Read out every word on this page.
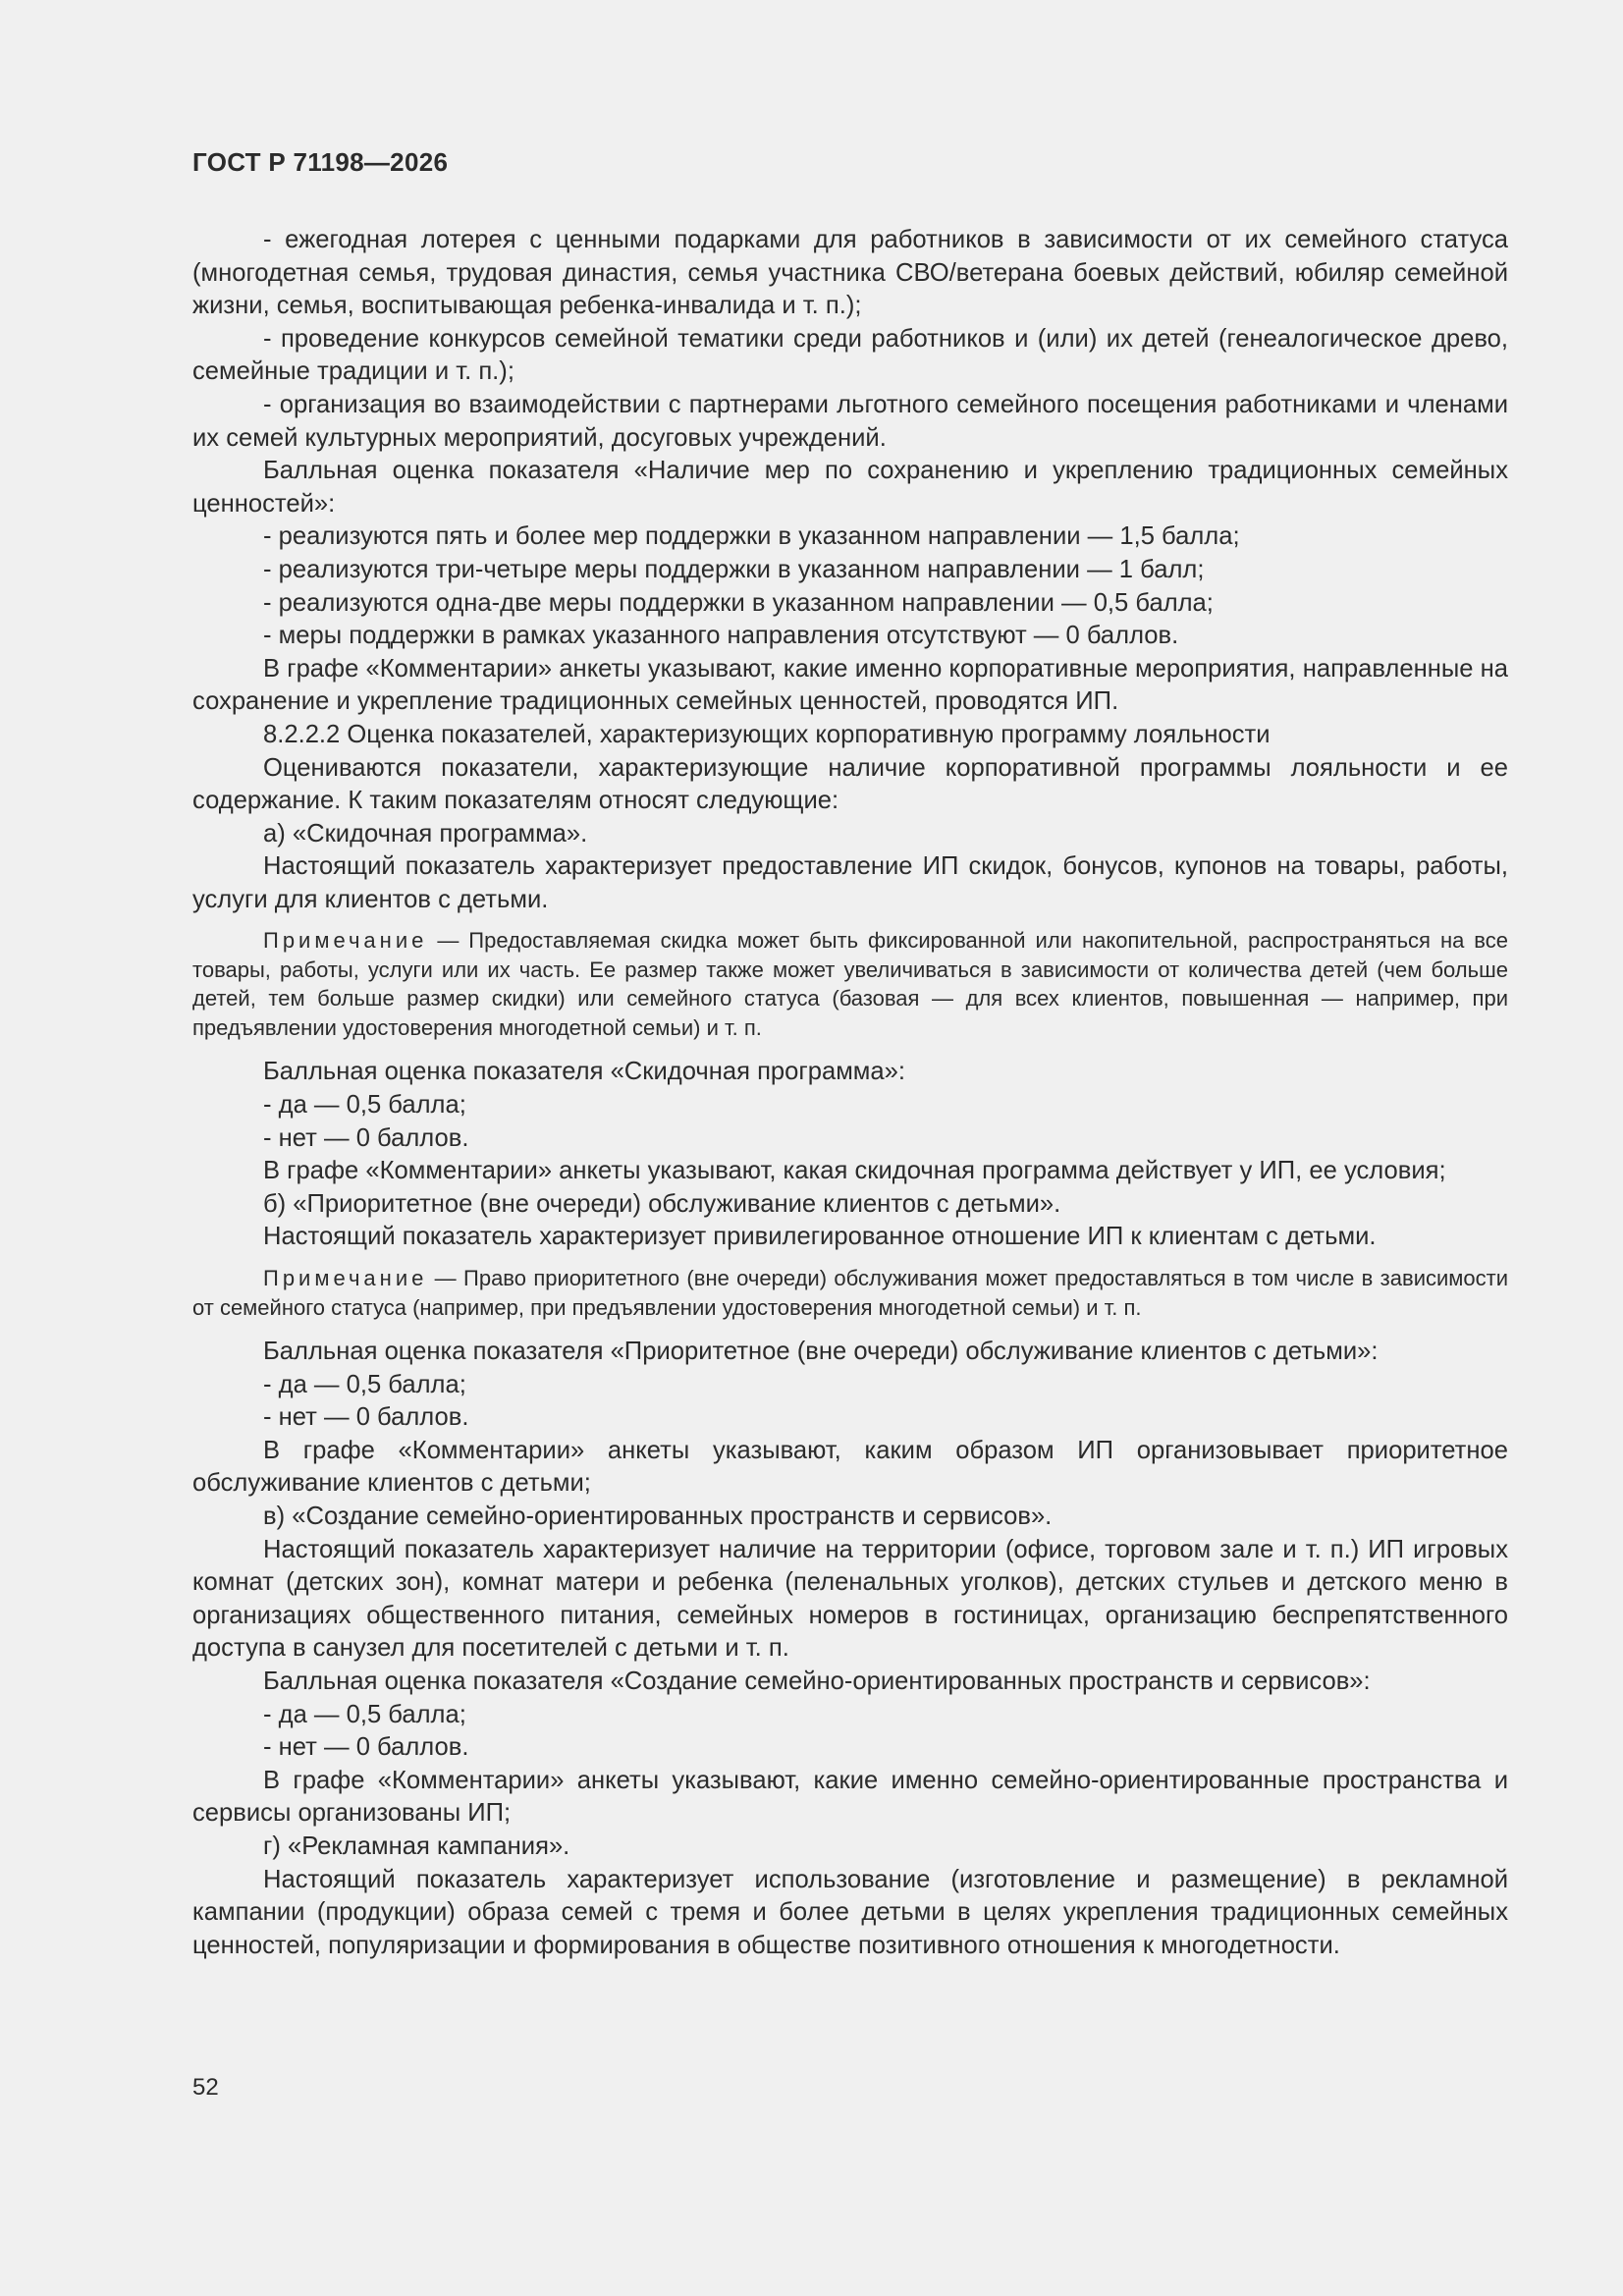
ГОСТ Р 71198—2026

- ежегодная лотерея с ценными подарками для работников в зависимости от их семейного статуса (многодетная семья, трудовая династия, семья участника СВО/ветерана боевых действий, юбиляр семейной жизни, семья, воспитывающая ребенка-инвалида и т. п.);

- проведение конкурсов семейной тематики среди работников и (или) их детей (генеалогическое древо, семейные традиции и т. п.);

- организация во взаимодействии с партнерами льготного семейного посещения работниками и членами их семей культурных мероприятий, досуговых учреждений.

Балльная оценка показателя «Наличие мер по сохранению и укреплению традиционных семейных ценностей»:

- реализуются пять и более мер поддержки в указанном направлении — 1,5 балла;

- реализуются три-четыре меры поддержки в указанном направлении — 1 балл;

- реализуются одна-две меры поддержки в указанном направлении — 0,5 балла;

- меры поддержки в рамках указанного направления отсутствуют — 0 баллов.

В графе «Комментарии» анкеты указывают, какие именно корпоративные мероприятия, направленные на сохранение и укрепление традиционных семейных ценностей, проводятся ИП.

8.2.2.2 Оценка показателей, характеризующих корпоративную программу лояльности

Оцениваются показатели, характеризующие наличие корпоративной программы лояльности и ее содержание. К таким показателям относят следующие:

а) «Скидочная программа».

Настоящий показатель характеризует предоставление ИП скидок, бонусов, купонов на товары, работы, услуги для клиентов с детьми.

Примечание — Предоставляемая скидка может быть фиксированной или накопительной, распространяться на все товары, работы, услуги или их часть. Ее размер также может увеличиваться в зависимости от количества детей (чем больше детей, тем больше размер скидки) или семейного статуса (базовая — для всех клиентов, повышенная — например, при предъявлении удостоверения многодетной семьи) и т. п.

Балльная оценка показателя «Скидочная программа»:

- да — 0,5 балла;

- нет — 0 баллов.

В графе «Комментарии» анкеты указывают, какая скидочная программа действует у ИП, ее условия;

б) «Приоритетное (вне очереди) обслуживание клиентов с детьми».

Настоящий показатель характеризует привилегированное отношение ИП к клиентам с детьми.

Примечание — Право приоритетного (вне очереди) обслуживания может предоставляться в том числе в зависимости от семейного статуса (например, при предъявлении удостоверения многодетной семьи) и т. п.

Балльная оценка показателя «Приоритетное (вне очереди) обслуживание клиентов с детьми»:

- да — 0,5 балла;

- нет — 0 баллов.

В графе «Комментарии» анкеты указывают, каким образом ИП организовывает приоритетное обслуживание клиентов с детьми;

в) «Создание семейно-ориентированных пространств и сервисов».

Настоящий показатель характеризует наличие на территории (офисе, торговом зале и т. п.) ИП игровых комнат (детских зон), комнат матери и ребенка (пеленальных уголков), детских стульев и детского меню в организациях общественного питания, семейных номеров в гостиницах, организацию беспрепятственного доступа в санузел для посетителей с детьми и т. п.

Балльная оценка показателя «Создание семейно-ориентированных пространств и сервисов»:

- да — 0,5 балла;

- нет — 0 баллов.

В графе «Комментарии» анкеты указывают, какие именно семейно-ориентированные пространства и сервисы организованы ИП;

г) «Рекламная кампания».

Настоящий показатель характеризует использование (изготовление и размещение) в рекламной кампании (продукции) образа семей с тремя и более детьми в целях укрепления традиционных семейных ценностей, популяризации и формирования в обществе позитивного отношения к многодетности.

52
